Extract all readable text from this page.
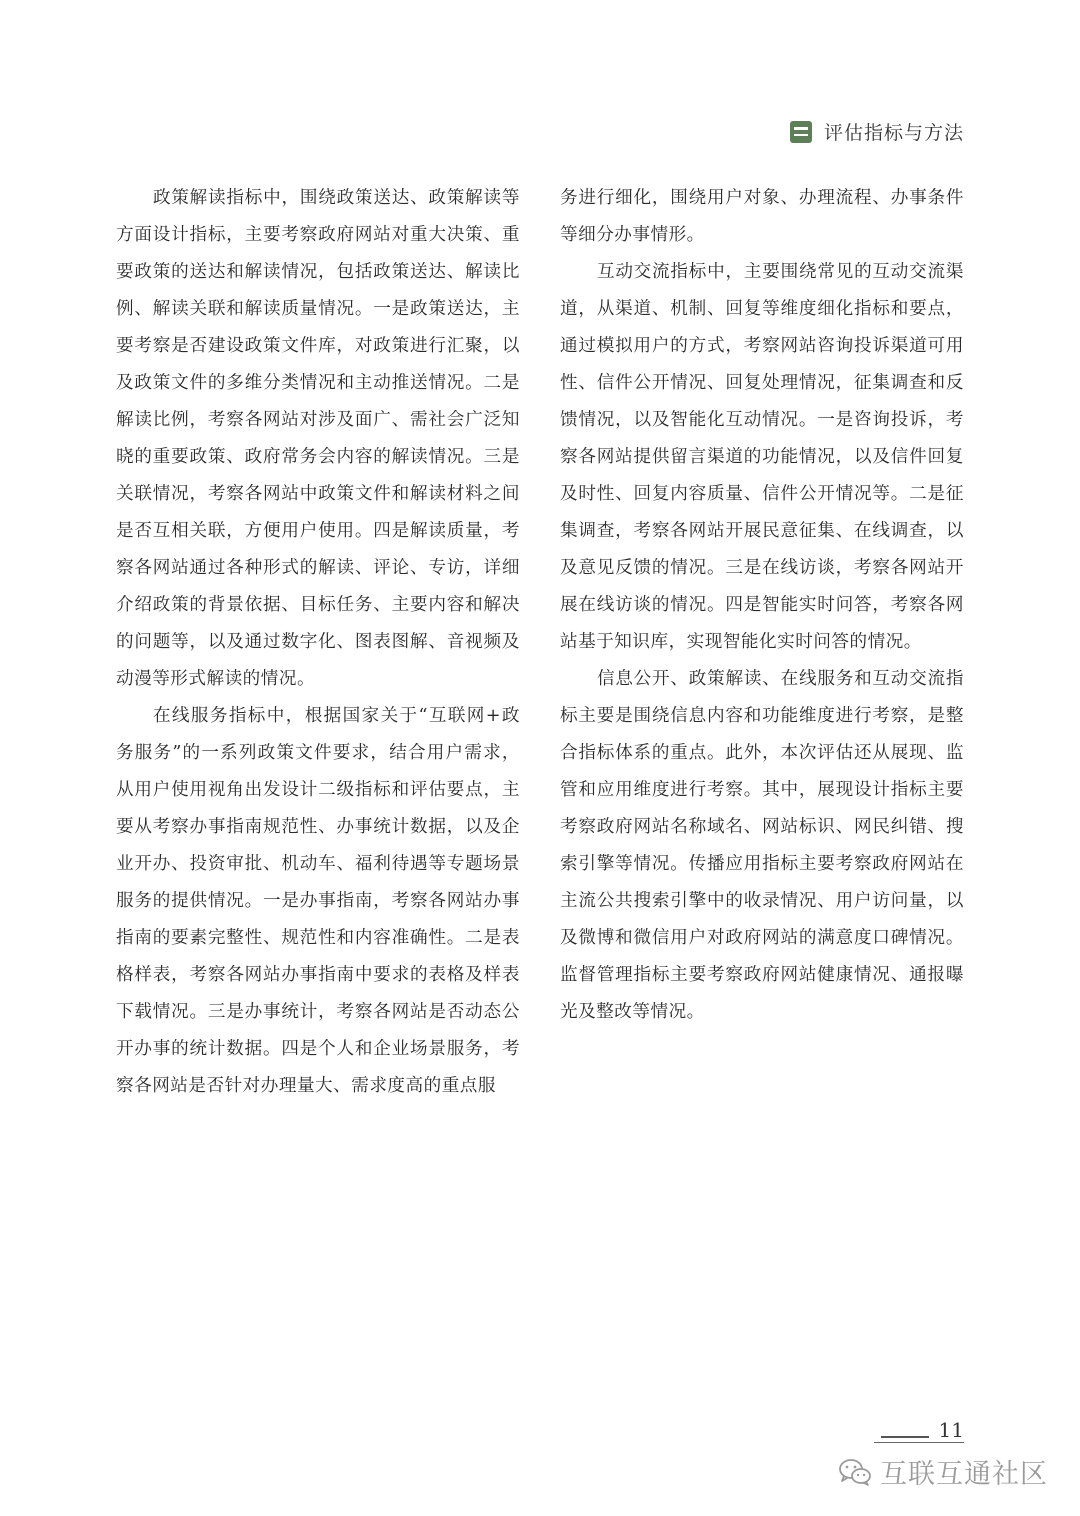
评估指标与方法

政策解读指标中，围绕政策送达、政策解读等方面设计指标，主要考察政府网站对重大决策、重要政策的送达和解读情况，包括政策送达、解读比例、解读关联和解读质量情况。一是政策送达，主要考察是否建设政策文件库，对政策进行汇聚，以及政策文件的多维分类情况和主动推送情况。二是解读比例，考察各网站对涉及面广、需社会广泛知晓的重要政策、政府常务会内容的解读情况。三是关联情况，考察各网站中政策文件和解读材料之间是否互相关联，方便用户使用。四是解读质量，考察各网站通过各种形式的解读、评论、专访，详细介绍政策的背景依据、目标任务、主要内容和解决的问题等，以及通过数字化、图表图解、音视频及动漫等形式解读的情况。

在线服务指标中，根据国家关于“互联网+政务服务”的一系列政策文件要求，结合用户需求，从用户使用视角出发设计二级指标和评估要点，主要从考察办事指南规范性、办事统计数据，以及企业开办、投资审批、机动车、福利待遇等专题场景服务的提供情况。一是办事指南，考察各网站办事指南的要素完整性、规范性和内容准确性。二是表格样表，考察各网站办事指南中要求的表格及样表下载情况。三是办事统计，考察各网站是否动态公开办事的统计数据。四是个人和企业场景服务，考察各网站是否针对办理量大、需求度高的重点服

务进行细化，围绕用户对象、办理流程、办事条件等细分办事情形。

互动交流指标中，主要围绕常见的互动交流渠道，从渠道、机制、回复等维度细化指标和要点，通过模拟用户的方式，考察网站咨询投诉渠道可用性、信件公开情况、回复处理情况，征集调查和反馈情况，以及智能化互动情况。一是咨询投诉，考察各网站提供留言渠道的功能情况，以及信件回复及时性、回复内容质量、信件公开情况等。二是征集调查，考察各网站开展民意征集、在线调查，以及意见反馈的情况。三是在线访谈，考察各网站开展在线访谈的情况。四是智能实时问答，考察各网站基于知识库，实现智能化实时问答的情况。

信息公开、政策解读、在线服务和互动交流指标主要是围绕信息内容和功能维度进行考察，是整合指标体系的重点。此外，本次评估还从展现、监管和应用维度进行考察。其中，展现设计指标主要考察政府网站名称域名、网站标识、网民纠错、搜索引擎等情况。传播应用指标主要考察政府网站在主流公共搜索引擎中的收录情况、用户访问量，以及微博和微信用户对政府网站的满意度口碑情况。监督管理指标主要考察政府网站健康情况、通报曝光及整改等情况。

11
互联互通社区
